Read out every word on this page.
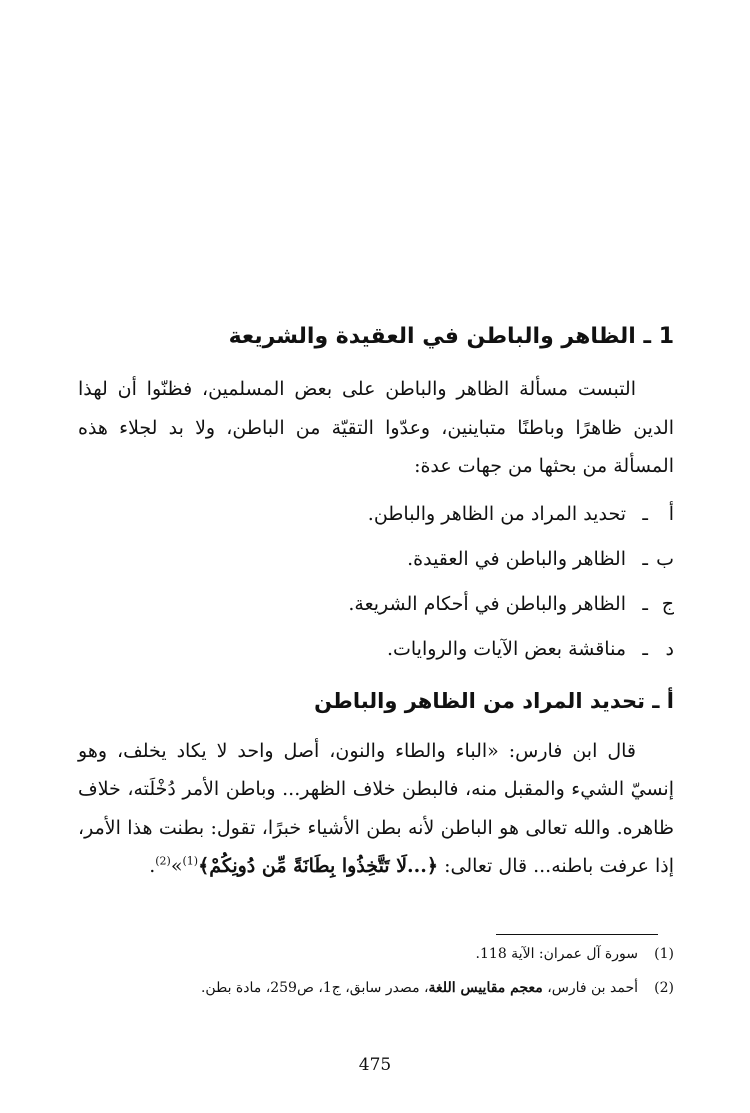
1 ـ الظاهر والباطن في العقيدة والشريعة

التبست مسألة الظاهر والباطن على بعض المسلمين، فظنّوا أن لهذا الدين ظاهرًا وباطنًا متباينين، وعدّوا التقيّة من الباطن، ولا بد لجلاء هذه المسألة من بحثها من جهات عدة:

أـتحديد المراد من الظاهر والباطن.
بـالظاهر والباطن في العقيدة.
جـالظاهر والباطن في أحكام الشريعة.
دـمناقشة بعض الآيات والروايات.
أ ـ تحديد المراد من الظاهر والباطن

قال ابن فارس: «الباء والطاء والنون، أصل واحد لا يكاد يخلف، وهو إنسيّ الشيء والمقبل منه، فالبطن خلاف الظهر... وباطن الأمر دُخْلَته، خلاف ظاهره. والله تعالى هو الباطن لأنه بطن الأشياء خبرًا، تقول: بطنت هذا الأمر، إذا عرفت باطنه... قال تعالى: ﴿...لَا تَتَّخِذُوا بِطَانَةً مِّن دُونِكُمْ﴾$^{(1)}$»$^{(2)}$.

(1)سورة آل عمران: الآية 118.

(2)أحمد بن فارس، معجم مقاييس اللغة، مصدر سابق، ج1، ص259، مادة بطن.

475
